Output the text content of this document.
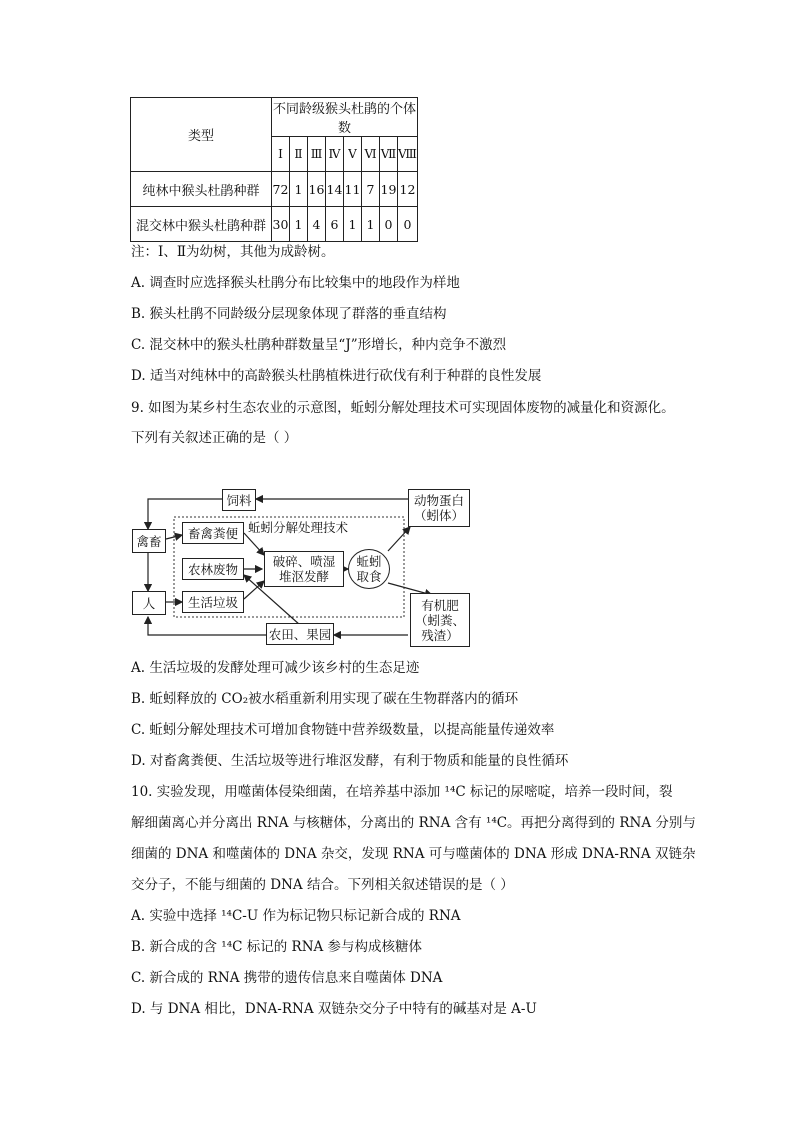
类型	不同龄级猴头杜鹃的个体数							
	Ⅰ	Ⅱ	Ⅲ	Ⅳ	Ⅴ	Ⅵ	Ⅶ	Ⅷ
纯林中猴头杜鹃种群	72	1	16	14	11	7	19	12
混交林中猴头杜鹃种群	30	1	4	6	1	1	0	0
注：Ⅰ、Ⅱ为幼树，其他为成龄树。
A. 调查时应选择猴头杜鹃分布比较集中的地段作为样地
B. 猴头杜鹃不同龄级分层现象体现了群落的垂直结构
C. 混交林中的猴头杜鹃种群数量呈“J”形增长，种内竞争不激烈
D. 适当对纯林中的高龄猴头杜鹃植株进行砍伐有利于种群的良性发展
9. 如图为某乡村生态农业的示意图，蚯蚓分解处理技术可实现固体废物的减量化和资源化。
下列有关叙述正确的是（ ）
饲料	动物蛋白
（蚓体）
禽畜
蚯蚓分解处理技术
畜禽粪便
农林废物	破碎、喷湿
堆沤发酵
蚯蚓
取食
人	生活垃圾	有机肥
（蚓粪、
残渣）
农田、果园
A. 生活垃圾的发酵处理可减少该乡村的生态足迹
B. 蚯蚓释放的 CO₂被水稻重新利用实现了碳在生物群落内的循环
C. 蚯蚓分解处理技术可增加食物链中营养级数量，以提高能量传递效率
D. 对畜禽粪便、生活垃圾等进行堆沤发酵，有利于物质和能量的良性循环
10. 实验发现，用噬菌体侵染细菌，在培养基中添加 ¹⁴C 标记的尿嘧啶，培养一段时间，裂
解细菌离心并分离出 RNA 与核糖体，分离出的 RNA 含有 ¹⁴C。再把分离得到的 RNA 分别与
细菌的 DNA 和噬菌体的 DNA 杂交，发现 RNA 可与噬菌体的 DNA 形成 DNA-RNA 双链杂
交分子，不能与细菌的 DNA 结合。下列相关叙述错误的是（ ）
A. 实验中选择 ¹⁴C-U 作为标记物只标记新合成的 RNA
B. 新合成的含 ¹⁴C 标记的 RNA 参与构成核糖体
C. 新合成的 RNA 携带的遗传信息来自噬菌体 DNA
D. 与 DNA 相比，DNA-RNA 双链杂交分子中特有的碱基对是 A-U
